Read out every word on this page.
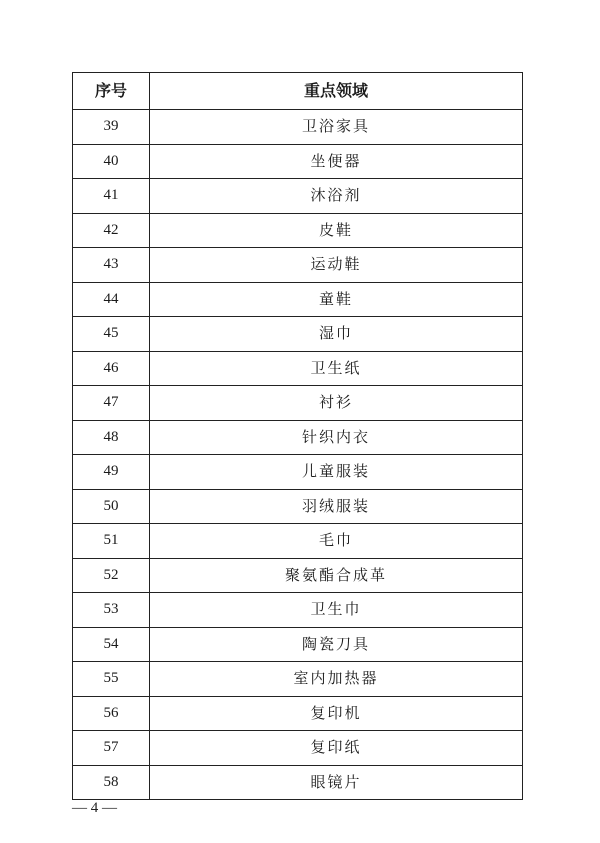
序号	重点领域
39	卫浴家具
40	坐便器
41	沐浴剂
42	皮鞋
43	运动鞋
44	童鞋
45	湿巾
46	卫生纸
47	衬衫
48	针织内衣
49	儿童服装
50	羽绒服装
51	毛巾
52	聚氨酯合成革
53	卫生巾
54	陶瓷刀具
55	室内加热器
56	复印机
57	复印纸
58	眼镜片
— 4 —
